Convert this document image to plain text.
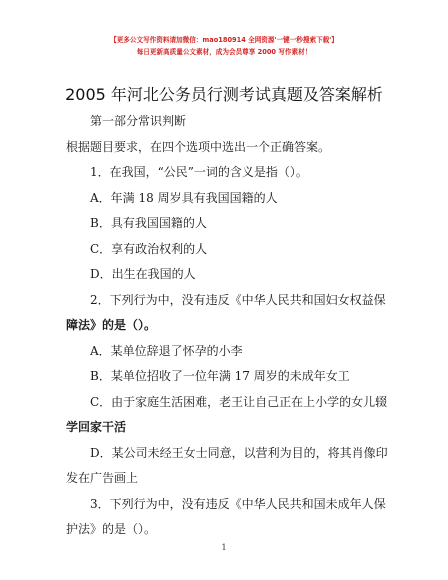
【更多公文写作资料请加微信：mao180914 全网资源'一键一秒搜索下载'】
每日更新高质量公文素材，成为会员尊享 2000 写作素材！
2005 年河北公务员行测考试真题及答案解析

第一部分常识判断

根据题目要求，在四个选项中选出一个正确答案。

1．在我国，“公民”一词的含义是指（）。

A．年满 18 周岁具有我国国籍的人

B．具有我国国籍的人

C．享有政治权利的人

D．出生在我国的人

2．下列行为中，没有违反《中华人民共和国妇女权益保

障法》的是（）。

A．某单位辞退了怀孕的小李

B．某单位招收了一位年满 17 周岁的未成年女工

C．由于家庭生活困难，老王让自己正在上小学的女儿辍

学回家干活

D．某公司未经王女士同意，以营利为目的，将其肖像印

发在广告画上

3．下列行为中，没有违反《中华人民共和国未成年人保

护法》的是（）。

1
